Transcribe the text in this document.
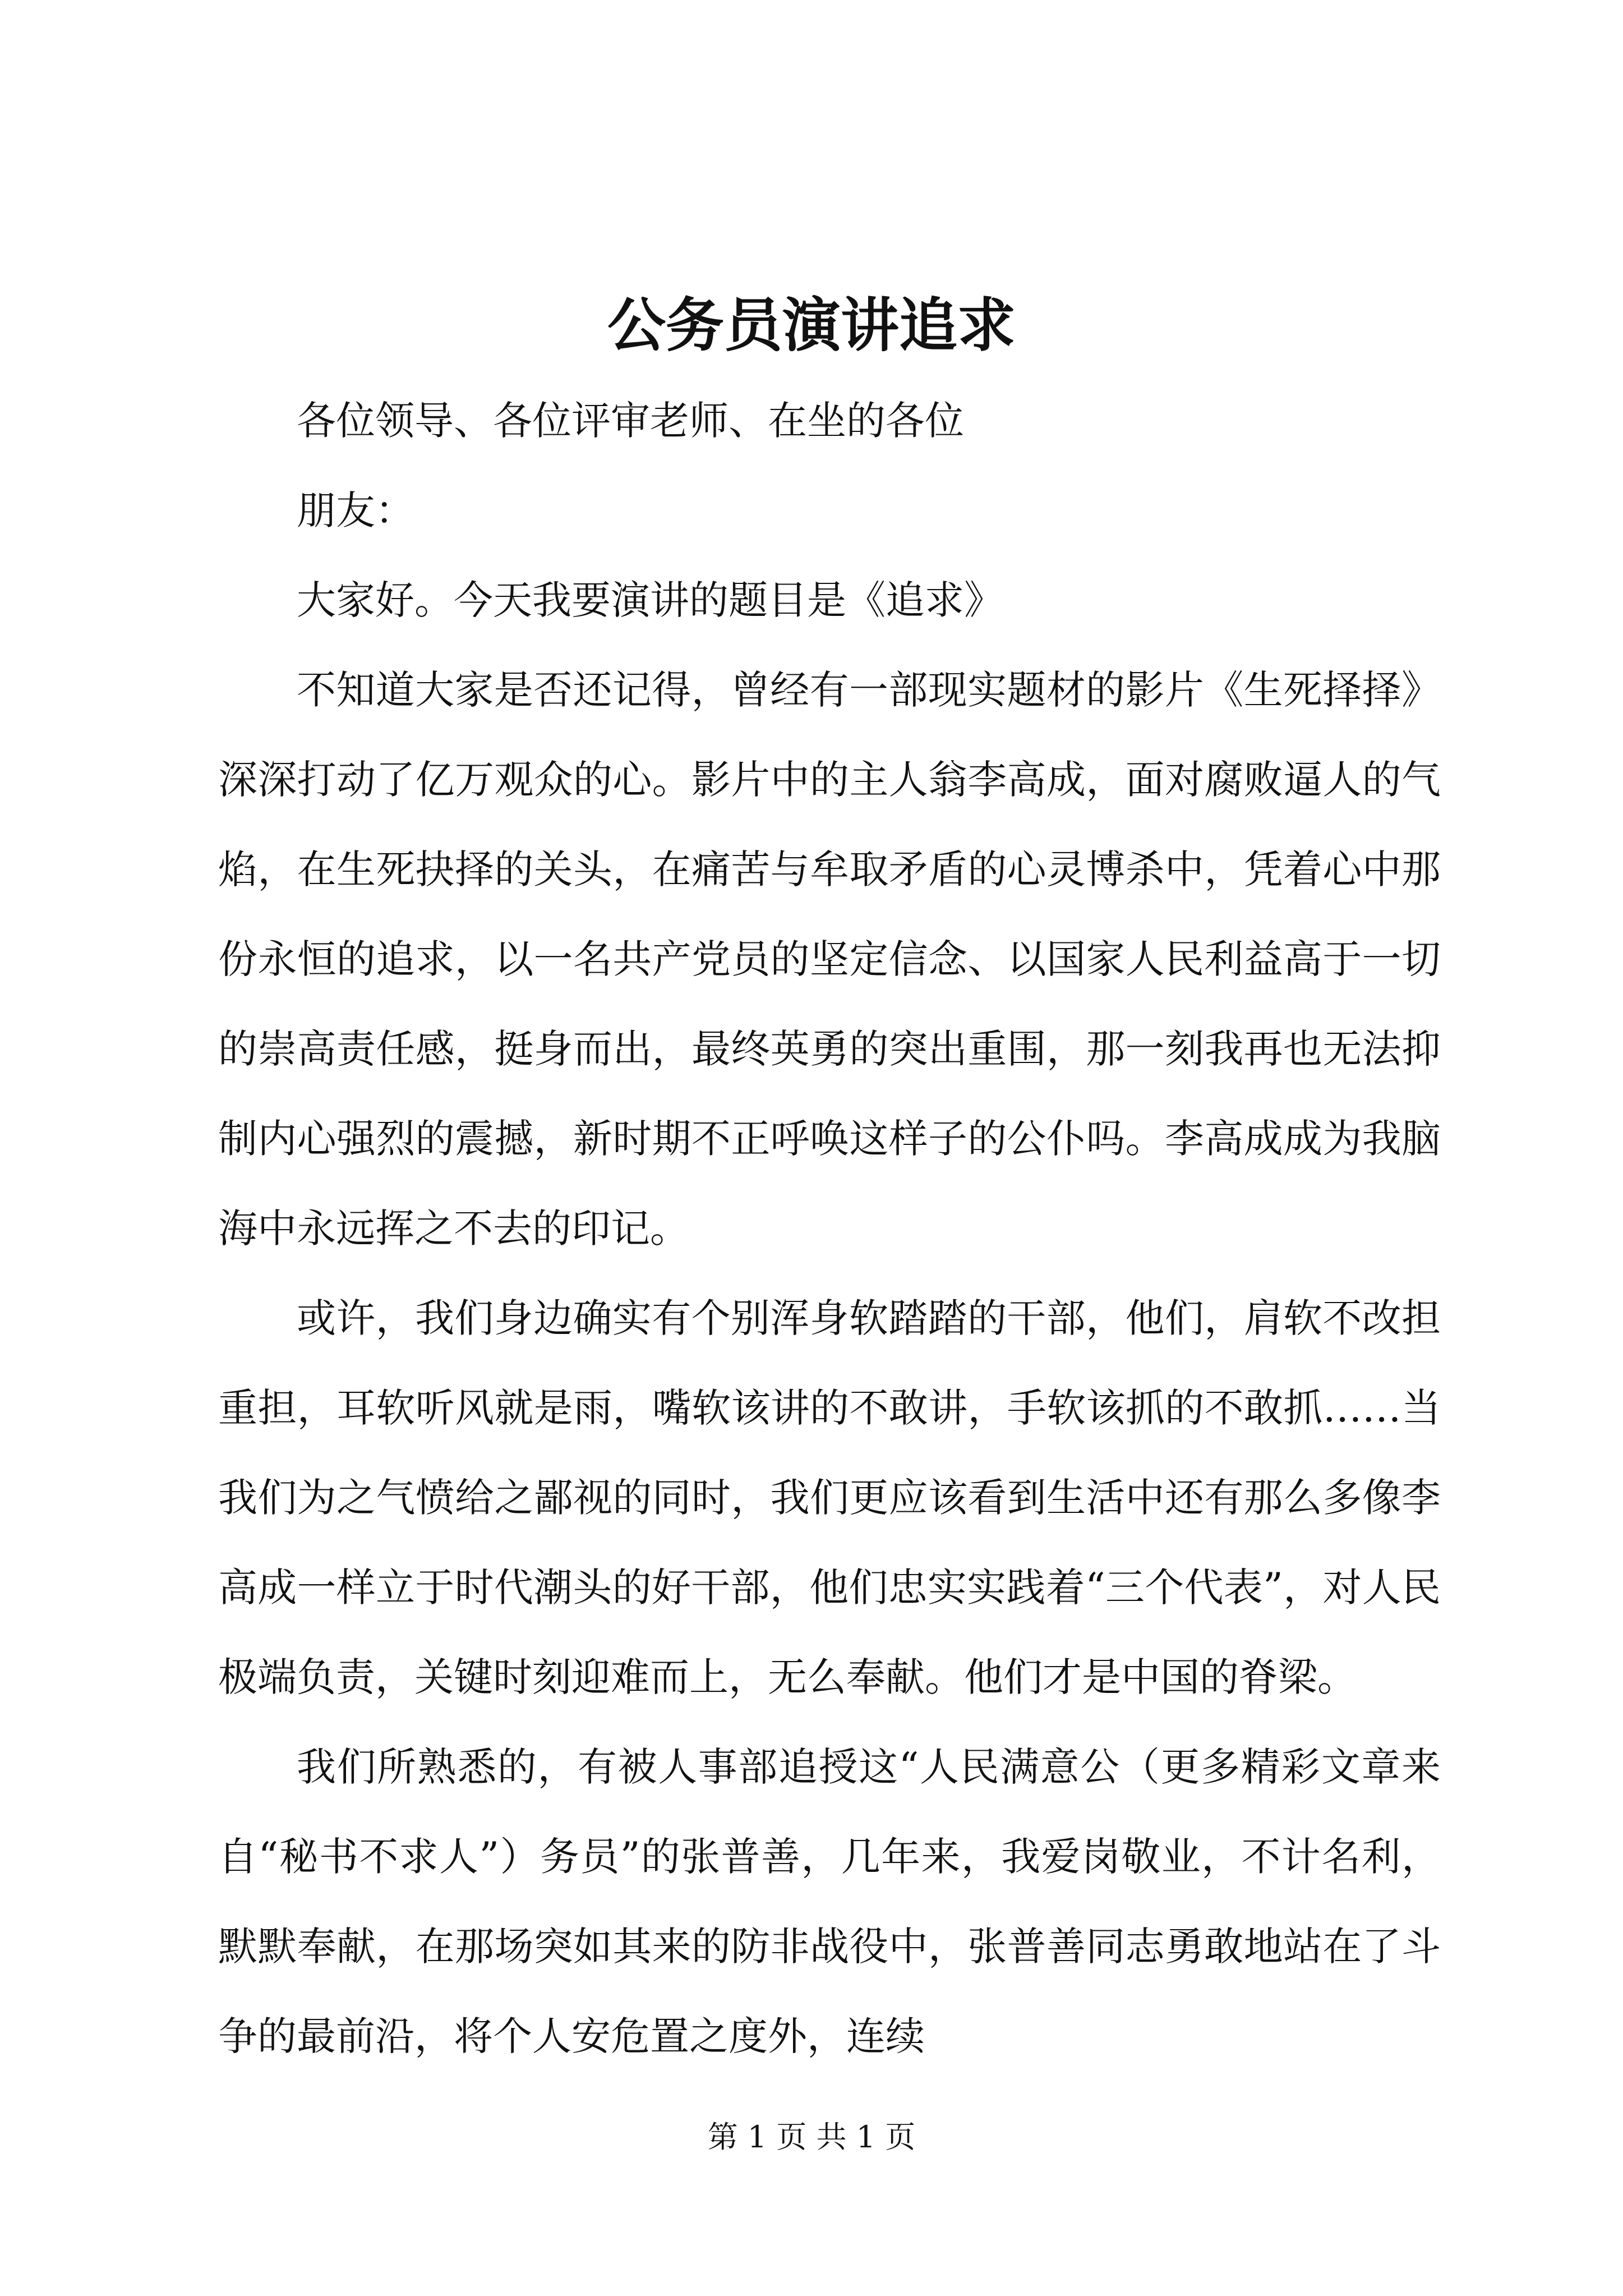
公务员演讲追求

各位领导、各位评审老师、在坐的各位

朋友：

大家好。今天我要演讲的题目是《追求》

不知道大家是否还记得，曾经有一部现实题材的影片《生死择择》深深打动了亿万观众的心。影片中的主人翁李高成，面对腐败逼人的气焰，在生死抉择的关头，在痛苦与牟取矛盾的心灵博杀中，凭着心中那份永恒的追求，以一名共产党员的坚定信念、以国家人民利益高于一切的崇高责任感，挺身而出，最终英勇的突出重围，那一刻我再也无法抑制内心强烈的震撼，新时期不正呼唤这样子的公仆吗。李高成成为我脑海中永远挥之不去的印记。

或许，我们身边确实有个别浑身软踏踏的干部，他们，肩软不改担重担，耳软听风就是雨，嘴软该讲的不敢讲，手软该抓的不敢抓……当我们为之气愤给之鄙视的同时，我们更应该看到生活中还有那么多像李高成一样立于时代潮头的好干部，他们忠实实践着“三个代表”，对人民极端负责，关键时刻迎难而上，无么奉献。他们才是中国的脊梁。

我们所熟悉的，有被人事部追授这“人民满意公（更多精彩文章来自“秘书不求人”）务员”的张普善，几年来，我爱岗敬业，不计名利，默默奉献，在那场突如其来的防非战役中，张普善同志勇敢地站在了斗争的最前沿，将个人安危置之度外，连续

第 1 页 共 1 页
